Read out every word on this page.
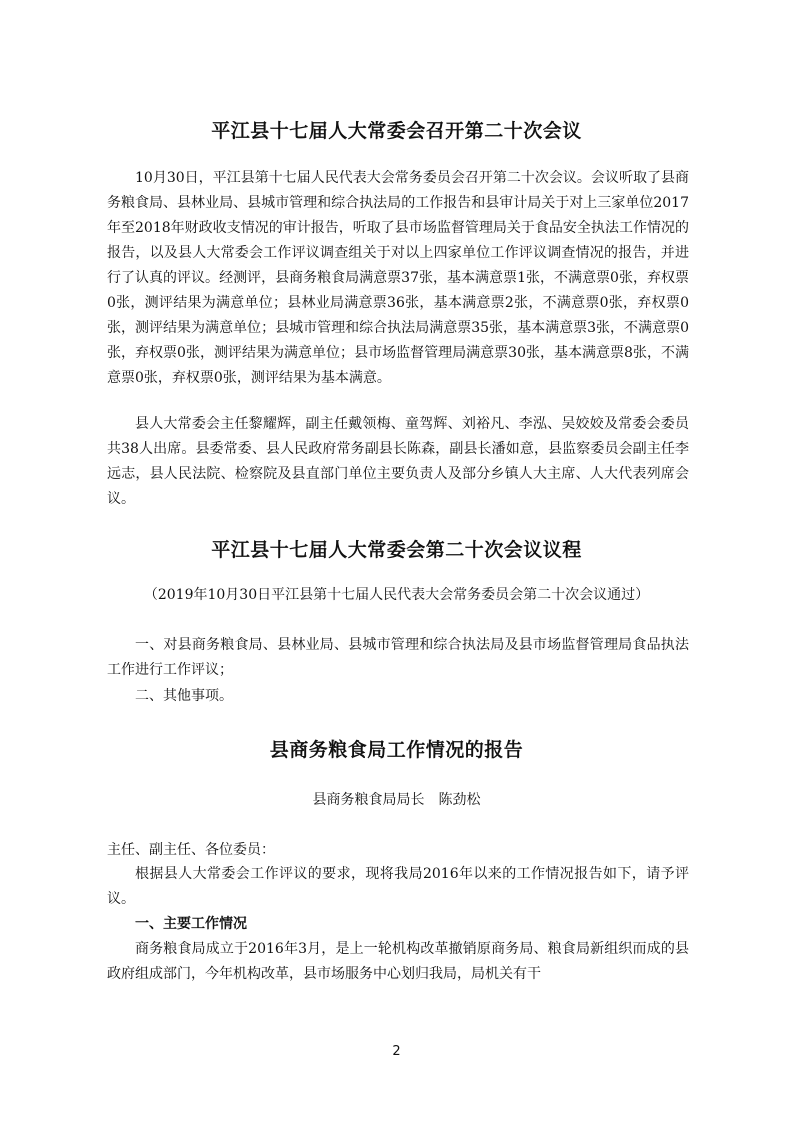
平江县十七届人大常委会召开第二十次会议
10月30日，平江县第十七届人民代表大会常务委员会召开第二十次会议。会议听取了县商务粮食局、县林业局、县城市管理和综合执法局的工作报告和县审计局关于对上三家单位2017年至2018年财政收支情况的审计报告，听取了县市场监督管理局关于食品安全执法工作情况的报告，以及县人大常委会工作评议调查组关于对以上四家单位工作评议调查情况的报告，并进行了认真的评议。经测评，县商务粮食局满意票37张，基本满意票1张，不满意票0张，弃权票0张，测评结果为满意单位；县林业局满意票36张，基本满意票2张，不满意票0张，弃权票0张，测评结果为满意单位；县城市管理和综合执法局满意票35张，基本满意票3张，不满意票0张，弃权票0张，测评结果为满意单位；县市场监督管理局满意票30张，基本满意票8张，不满意票0张，弃权票0张，测评结果为基本满意。
县人大常委会主任黎耀辉，副主任戴领梅、童驾辉、刘裕凡、李泓、吴姣姣及常委会委员共38人出席。县委常委、县人民政府常务副县长陈森，副县长潘如意，县监察委员会副主任李远志，县人民法院、检察院及县直部门单位主要负责人及部分乡镇人大主席、人大代表列席会议。
平江县十七届人大常委会第二十次会议议程
（2019年10月30日平江县第十七届人民代表大会常务委员会第二十次会议通过）
一、对县商务粮食局、县林业局、县城市管理和综合执法局及县市场监督管理局食品执法工作进行工作评议；
二、其他事项。
县商务粮食局工作情况的报告
县商务粮食局局长　陈劲松
主任、副主任、各位委员：
根据县人大常委会工作评议的要求，现将我局2016年以来的工作情况报告如下，请予评议。
一、主要工作情况
商务粮食局成立于2016年3月，是上一轮机构改革撤销原商务局、粮食局新组织而成的县政府组成部门，今年机构改革，县市场服务中心划归我局，局机关有干
2
